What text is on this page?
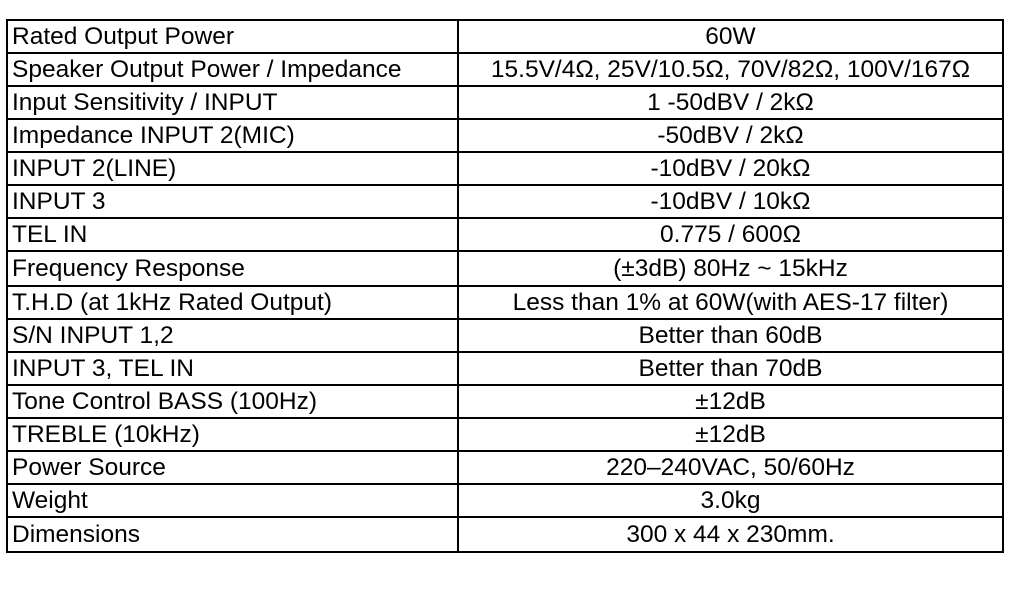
Rated Output Power	60W
Speaker Output Power / Impedance	15.5V/4Ω, 25V/10.5Ω, 70V/82Ω, 100V/167Ω
Input Sensitivity / INPUT	1 -50dBV / 2kΩ
Impedance INPUT 2(MIC)	-50dBV / 2kΩ
INPUT 2(LINE)	-10dBV / 20kΩ
INPUT 3	-10dBV / 10kΩ
TEL IN	0.775 / 600Ω
Frequency Response	(±3dB) 80Hz ~ 15kHz
T.H.D (at 1kHz Rated Output)	Less than 1% at 60W(with AES-17 filter)
S/N INPUT 1,2	Better than 60dB
INPUT 3, TEL IN	Better than 70dB
Tone Control BASS (100Hz)	±12dB
TREBLE (10kHz)	±12dB
Power Source	220–240VAC, 50/60Hz
Weight	3.0kg
Dimensions	300 x 44 x 230mm.
